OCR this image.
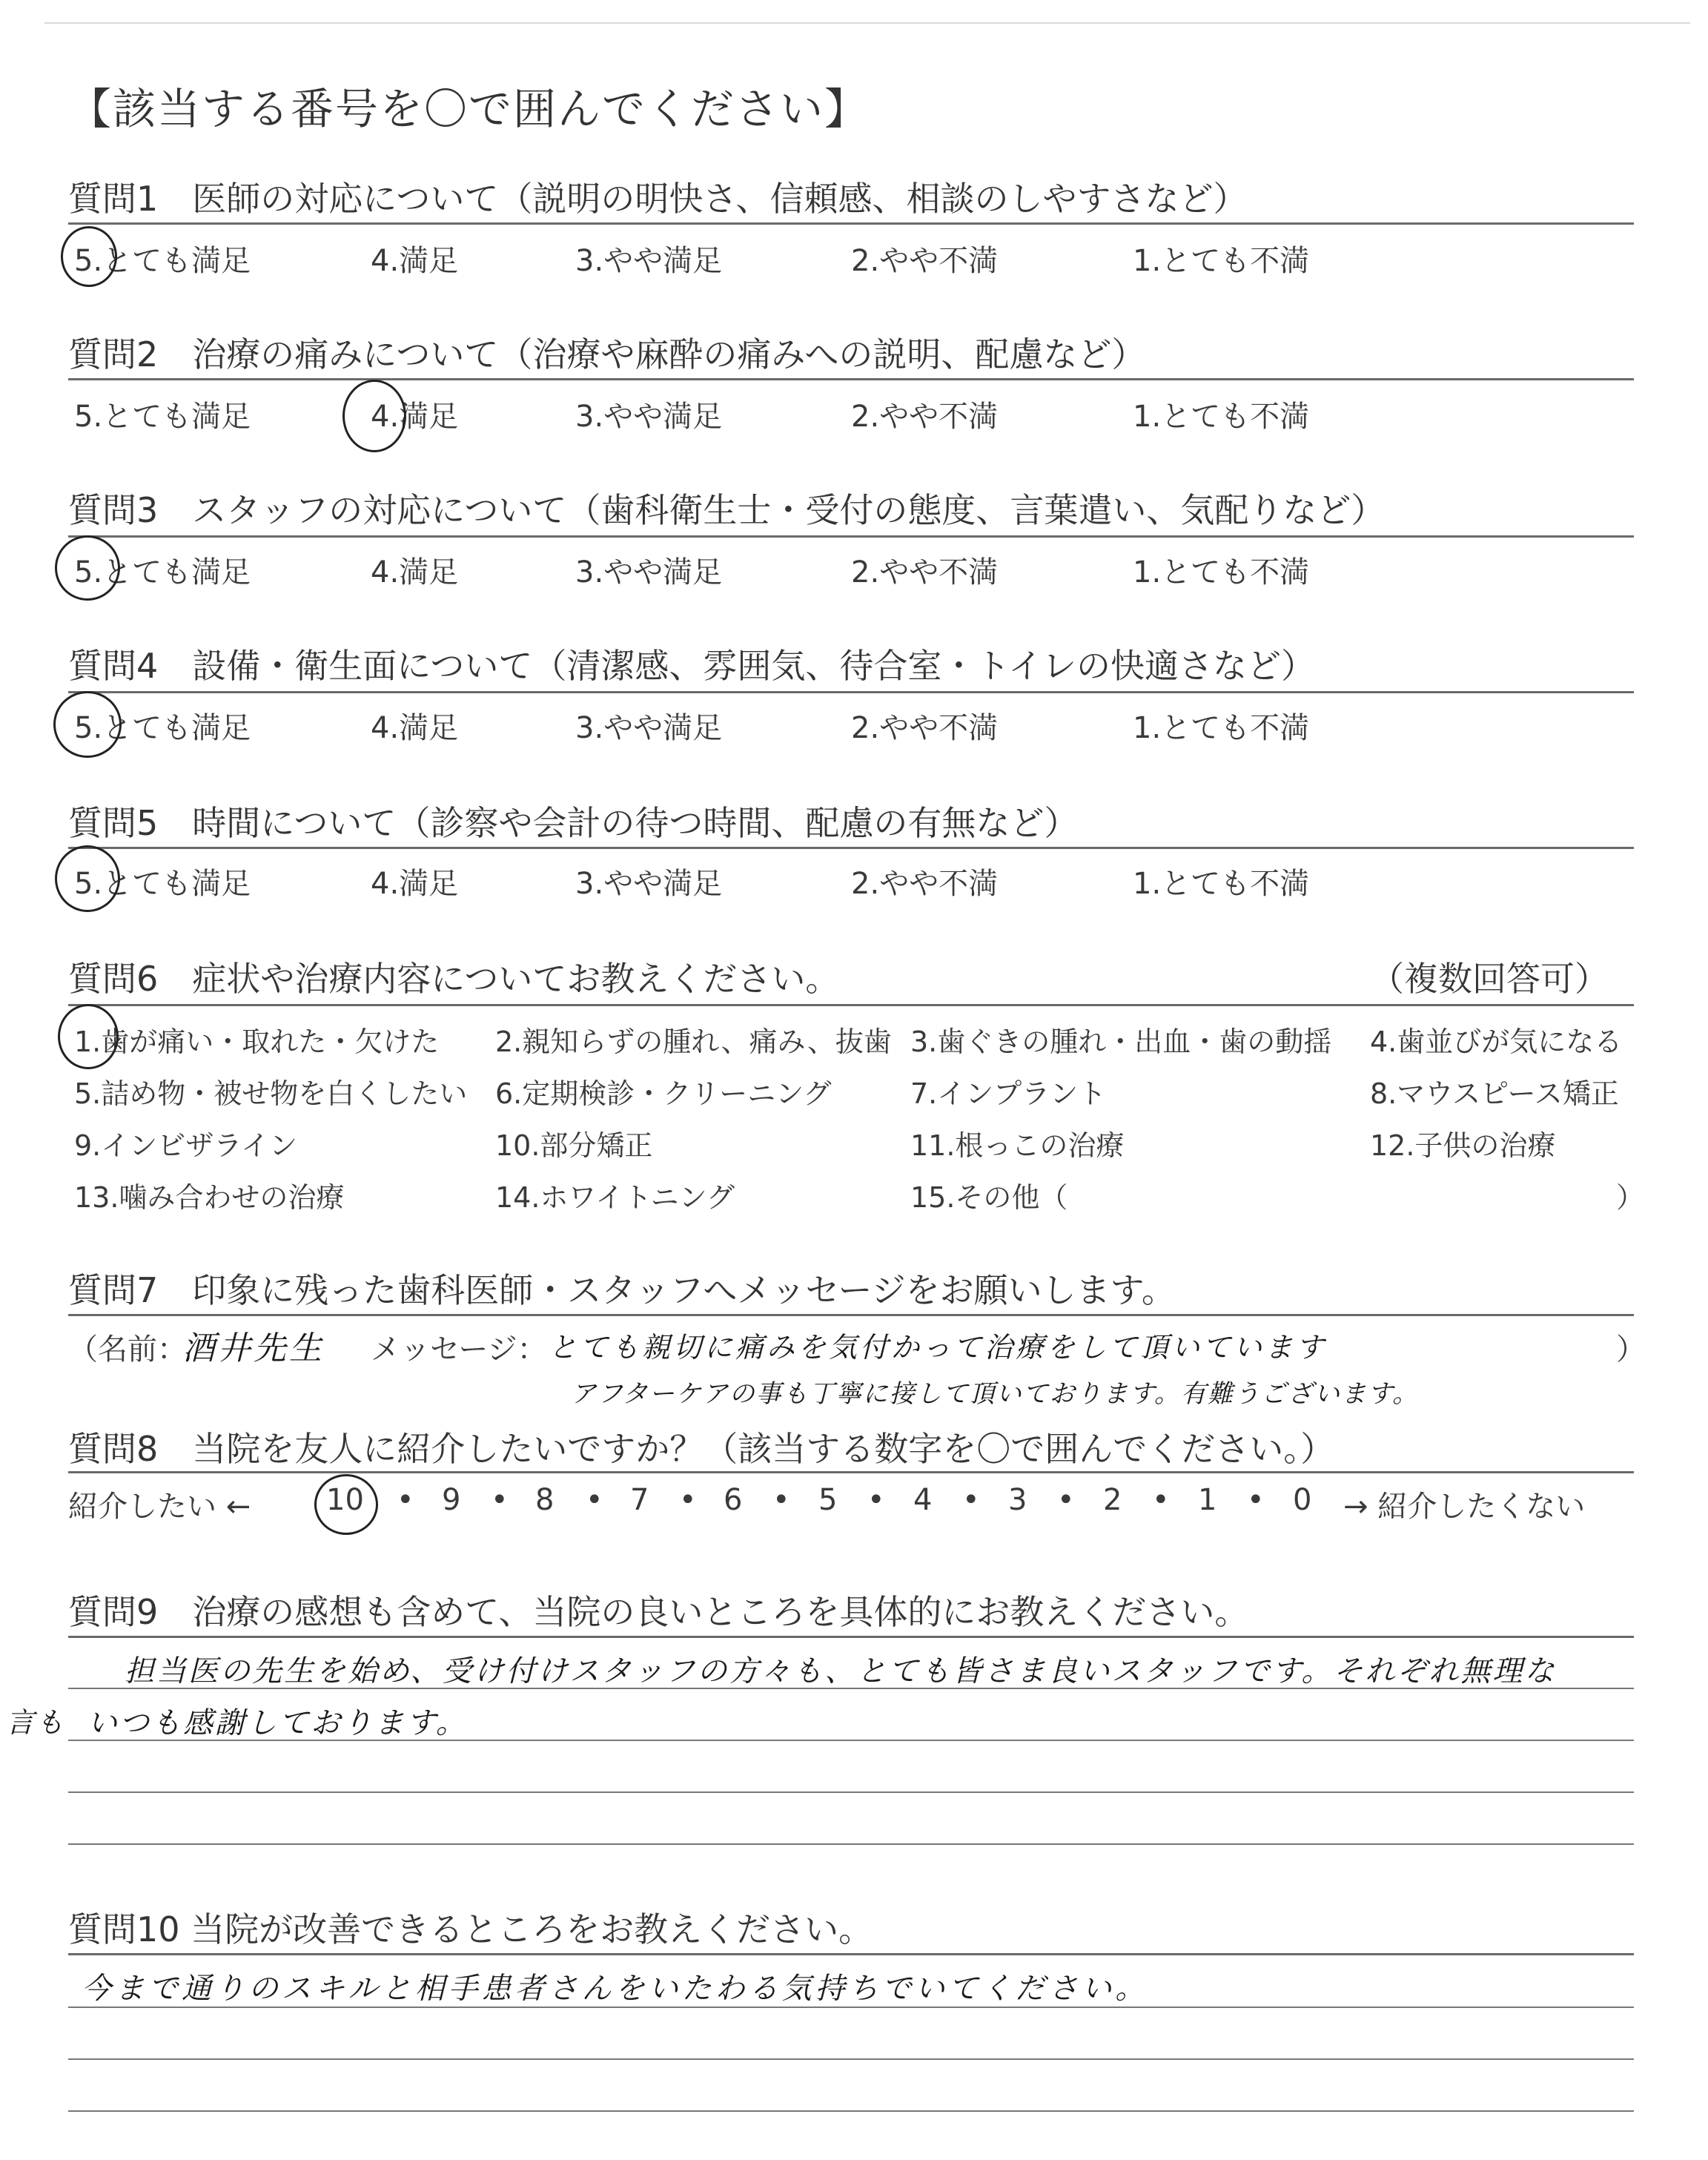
【該当する番号を〇で囲んでください】
質問1　医師の対応について（説明の明快さ、信頼感、相談のしやすさなど）
5.とても満足	4.満足	3.やや満足	2.やや不満	1.とても不満
質問2　治療の痛みについて（治療や麻酔の痛みへの説明、配慮など）
5.とても満足	4.満足	3.やや満足	2.やや不満	1.とても不満
質問3　スタッフの対応について（歯科衛生士・受付の態度、言葉遣い、気配りなど）
5.とても満足	4.満足	3.やや満足	2.やや不満	1.とても不満
質問4　設備・衛生面について（清潔感、雰囲気、待合室・トイレの快適さなど）
5.とても満足	4.満足	3.やや満足	2.やや不満	1.とても不満
質問5　時間について（診察や会計の待つ時間、配慮の有無など）
5.とても満足	4.満足	3.やや満足	2.やや不満	1.とても不満
質問6　症状や治療内容についてお教えください。	（複数回答可）
1.歯が痛い・取れた・欠けた 2.親知らずの腫れ、痛み、抜歯 3.歯ぐきの腫れ・出血・歯の動揺 4.歯並びが気になる
5.詰め物・被せ物を白くしたい 6.定期検診・クリーニング	7.インプラント	8.マウスピース矯正
9.インビザライン	10.部分矯正	11.根っこの治療	12.子供の治療
13.噛み合わせの治療	14.ホワイトニング	15.その他（	）
質問7　印象に残った歯科医師・スタッフへメッセージをお願いします。
（名前：
酒井先生 メッセージ： とても親切に痛みを気付かって治療をして頂いています	）
アフターケアの事も丁寧に接して頂いております。有難うございます。
質問8　当院を友人に紹介したいですか？（該当する数字を〇で囲んでください。）
紹介したい ←	10 • 9 • 8 • 7 • 6 • 5 • 4 • 3 • 2 • 1 • 0 → 紹介したくない
質問9　治療の感想も含めて、当院の良いところを具体的にお教えください。
担当医の先生を始め、受け付けスタッフの方々も、とても皆さま良いスタッフです。それぞれ無理な
言も いつも感謝しております。
質問10 当院が改善できるところをお教えください。
今まで通りのスキルと相手患者さんをいたわる気持ちでいてください。
